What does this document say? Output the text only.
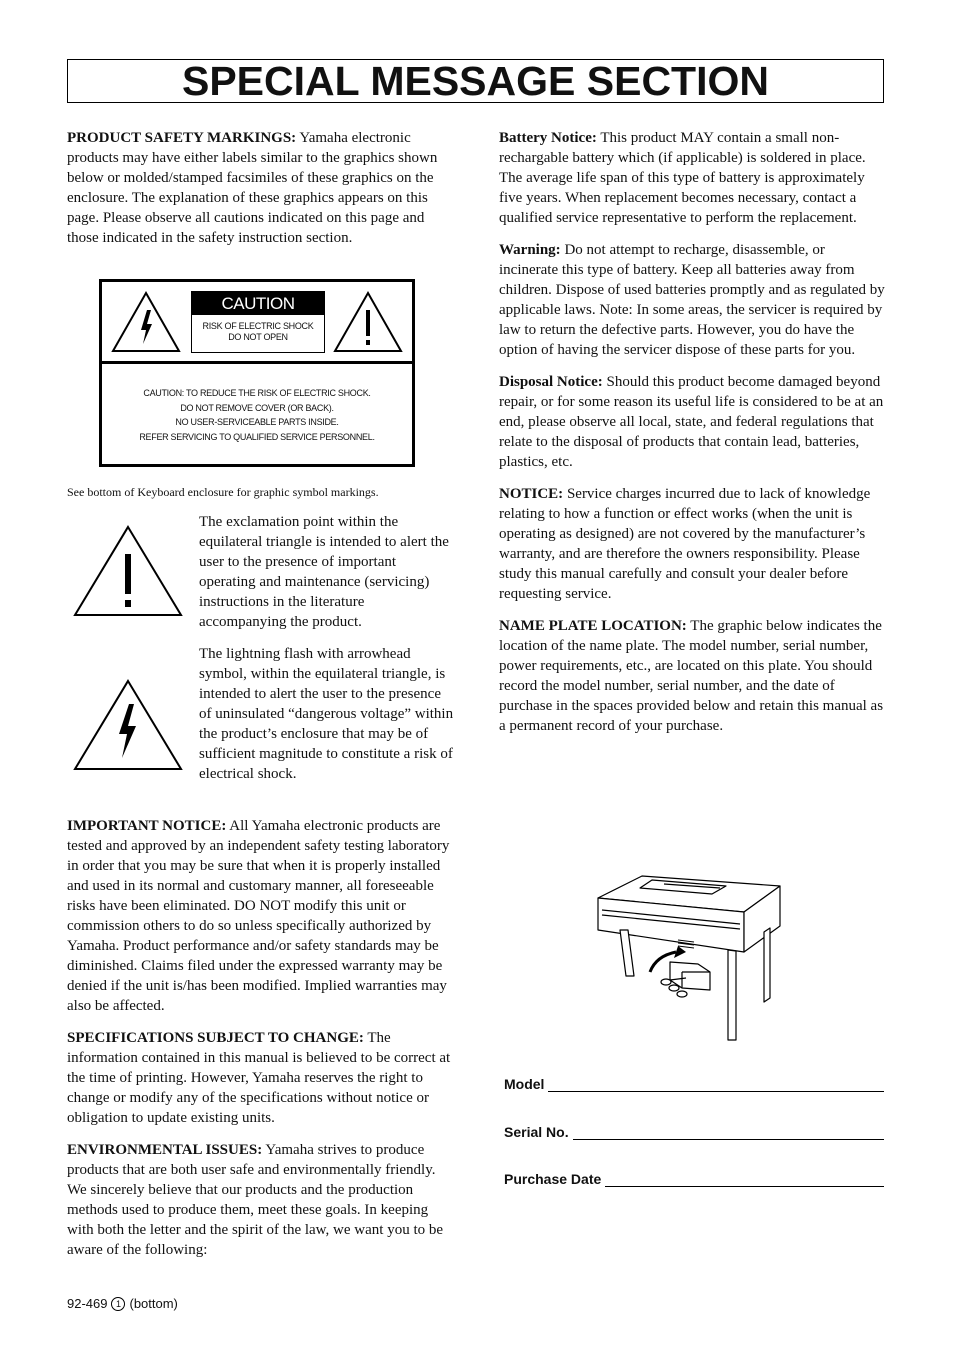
SPECIAL MESSAGE SECTION

PRODUCT SAFETY MARKINGS: Yamaha electronic products may have either labels similar to the graphics shown below or molded/stamped facsimiles of these graphics on the enclosure. The explanation of these graphics appears on this page. Please observe all cautions indicated on this page and those indicated in the safety instruction section.

CAUTION
RISK OF ELECTRIC SHOCK
DO NOT OPEN
CAUTION: TO REDUCE THE RISK OF ELECTRIC SHOCK.
DO NOT REMOVE COVER (OR BACK).
NO USER-SERVICEABLE PARTS INSIDE.
REFER SERVICING TO QUALIFIED SERVICE PERSONNEL.
See bottom of Keyboard enclosure for graphic symbol markings.
The exclamation point within the equilateral triangle is intended to alert the user to the presence of important operating and maintenance (servicing) instructions in the literature accompanying the product.
The lightning flash with arrowhead symbol, within the equilateral triangle, is intended to alert the user to the presence of uninsulated “dangerous voltage” within the product’s enclosure that may be of sufficient magnitude to constitute a risk of electrical shock.

IMPORTANT NOTICE: All Yamaha electronic products are tested and approved by an independent safety testing laboratory in order that you may be sure that when it is properly installed and used in its normal and customary manner, all foreseeable risks have been eliminated. DO NOT modify this unit or commission others to do so unless specifically authorized by Yamaha. Product performance and/or safety standards may be diminished. Claims filed under the expressed warranty may be denied if the unit is/has been modified. Implied warranties may also be affected.

SPECIFICATIONS SUBJECT TO CHANGE: The information contained in this manual is believed to be correct at the time of printing. However, Yamaha reserves the right to change or modify any of the specifications without notice or obligation to update existing units.

ENVIRONMENTAL ISSUES: Yamaha strives to produce products that are both user safe and environmentally friendly. We sincerely believe that our products and the production methods used to produce them, meet these goals. In keeping with both the letter and the spirit of the law, we want you to be aware of the following:

Battery Notice: This product MAY contain a small non-rechargable battery which (if applicable) is soldered in place. The average life span of this type of battery is approximately five years. When replacement becomes necessary, contact a qualified service representative to perform the replacement.

Warning: Do not attempt to recharge, disassemble, or incinerate this type of battery. Keep all batteries away from children. Dispose of used batteries promptly and as regulated by applicable laws. Note: In some areas, the servicer is required by law to return the defective parts. However, you do have the option of having the servicer dispose of these parts for you.

Disposal Notice: Should this product become damaged beyond repair, or for some reason its useful life is considered to be at an end, please observe all local, state, and federal regulations that relate to the disposal of products that contain lead, batteries, plastics, etc.

NOTICE: Service charges incurred due to lack of knowledge relating to how a function or effect works (when the unit is operating as designed) are not covered by the manufacturer’s warranty, and are therefore the owners responsibility. Please study this manual carefully and consult your dealer before requesting service.

NAME PLATE LOCATION: The graphic below indicates the location of the name plate. The model number, serial number, power requirements, etc., are located on this plate. You should record the model number, serial number, and the date of purchase in the spaces provided below and retain this manual as a permanent record of your purchase.

Model
Serial No.
Purchase Date
92-469 1 (bottom)
